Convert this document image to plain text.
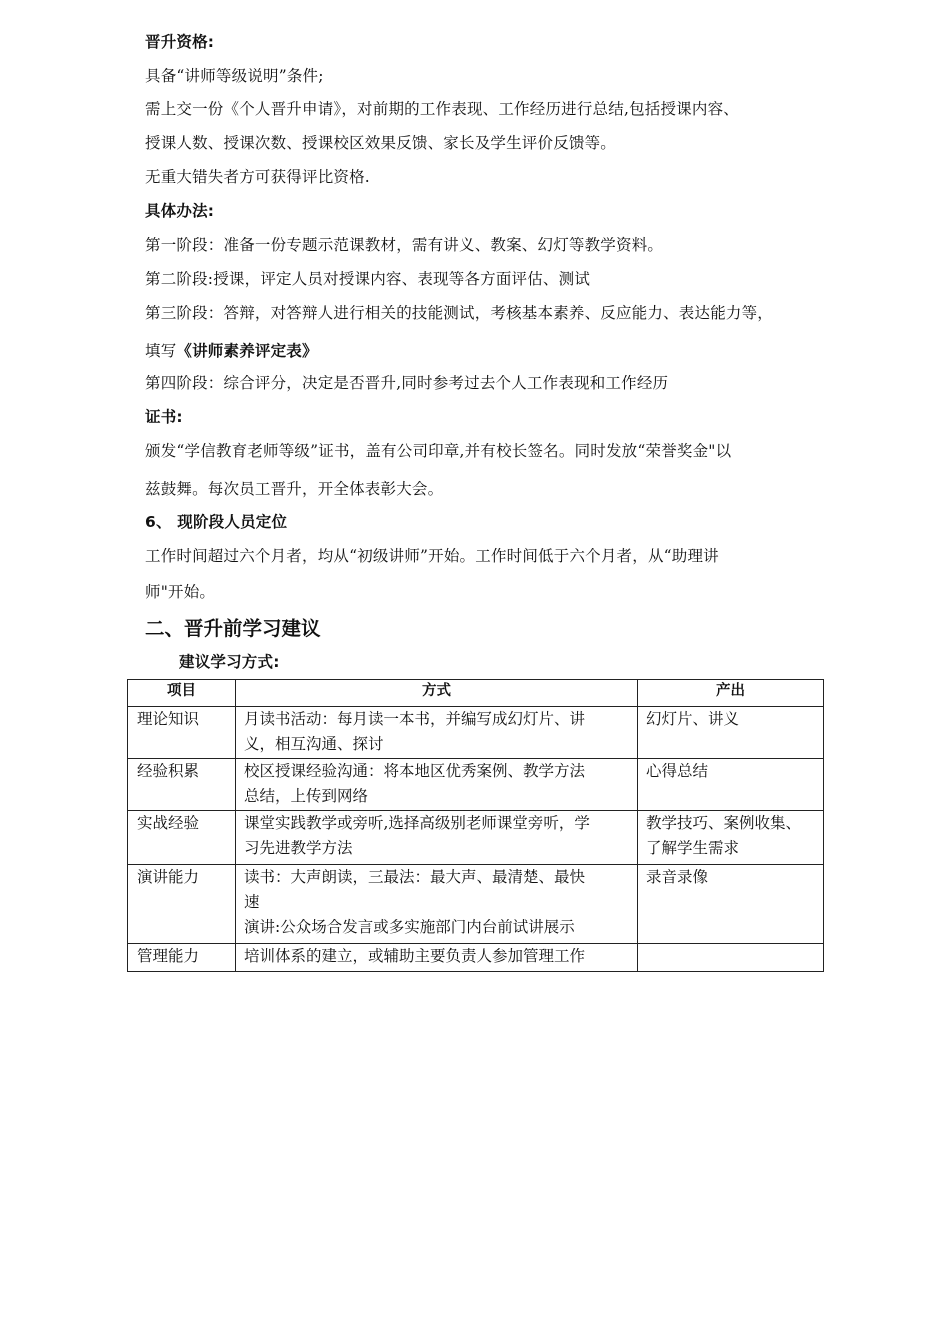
晋升资格:
具备“讲师等级说明”条件;
需上交一份《个人晋升申请》，对前期的工作表现、工作经历进行总结,包括授课内容、
授课人数、授课次数、授课校区效果反馈、家长及学生评价反馈等。
无重大错失者方可获得评比资格.
具体办法:
第一阶段：准备一份专题示范课教材，需有讲义、教案、幻灯等教学资料。
第二阶段:授课，评定人员对授课内容、表现等各方面评估、测试
第三阶段：答辩，对答辩人进行相关的技能测试，考核基本素养、反应能力、表达能力等，
填写《讲师素养评定表》
第四阶段：综合评分，决定是否晋升,同时参考过去个人工作表现和工作经历
证书:
颁发“学信教育老师等级”证书，盖有公司印章,并有校长签名。同时发放“荣誉奖金"以
兹鼓舞。每次员工晋升，开全体表彰大会。
6、 现阶段人员定位
工作时间超过六个月者，均从“初级讲师”开始。工作时间低于六个月者，从“助理讲
师"开始。
二、晋升前学习建议
建议学习方式:
项目	方式	产出
理论知识	月读书活动：每月读一本书，并编写成幻灯片、讲
义，相互沟通、探讨	幻灯片、讲义

经验积累	校区授课经验沟通：将本地区优秀案例、教学方法
总结，上传到网络	心得总结

实战经验	课堂实践教学或旁听,选择高级别老师课堂旁听，学
习先进教学方法	教学技巧、案例收集、
了解学生需求

演讲能力	读书：大声朗读，三最法：最大声、最清楚、最快
速
演讲:公众场合发言或多实施部门内台前试讲展示	录音录像

管理能力	培训体系的建立，或辅助主要负责人参加管理工作	
